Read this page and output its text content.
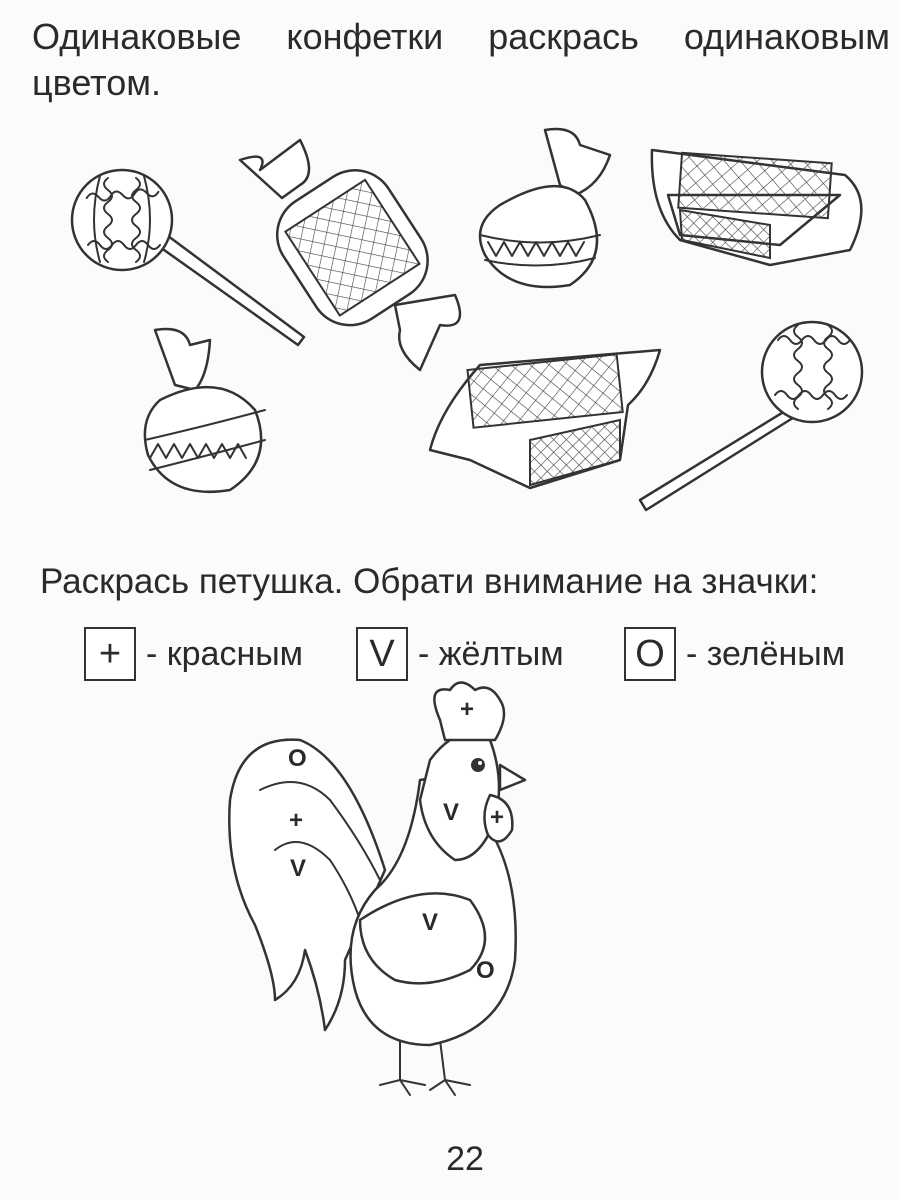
Одинаковые конфетки раскрась одинаковым цветом.

+
+
V
О
+
V
V
О

Раскрась петушка. Обрати внимание на значки:

+ - красным	V - жёлтым О - зелёным
22
